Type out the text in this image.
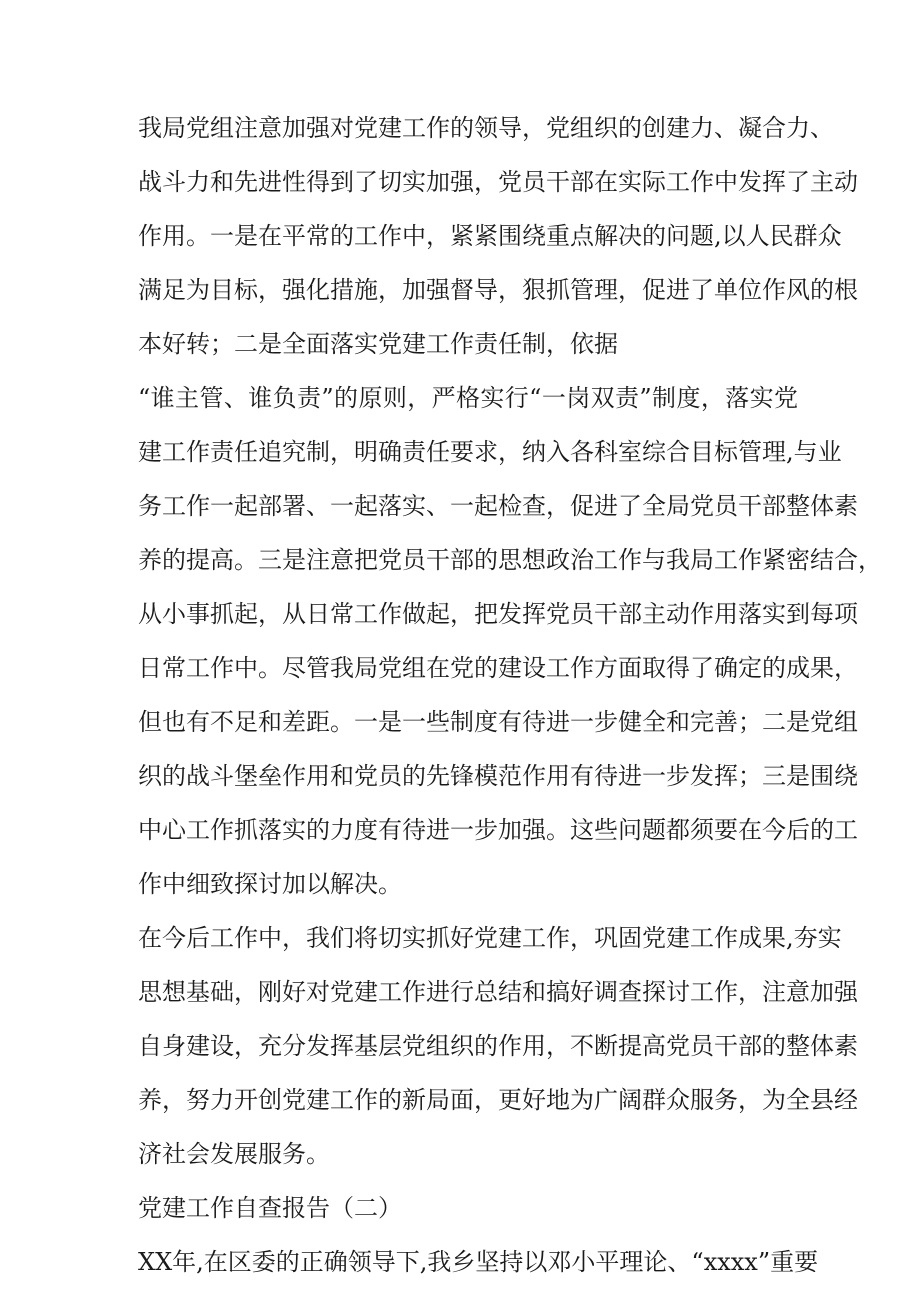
我局党组注意加强对党建工作的领导，党组织的创建力、凝合力、
战斗力和先进性得到了切实加强，党员干部在实际工作中发挥了主动
作用。一是在平常的工作中，紧紧围绕重点解决的问题,以人民群众
满足为目标，强化措施，加强督导，狠抓管理，促进了单位作风的根
本好转；二是全面落实党建工作责任制，依据
“谁主管、谁负责”的原则，严格实行“一岗双责”制度，落实党
建工作责任追究制，明确责任要求，纳入各科室综合目标管理,与业
务工作一起部署、一起落实、一起检查，促进了全局党员干部整体素
养的提高。三是注意把党员干部的思想政治工作与我局工作紧密结合，
从小事抓起，从日常工作做起，把发挥党员干部主动作用落实到每项
日常工作中。尽管我局党组在党的建设工作方面取得了确定的成果，
但也有不足和差距。一是一些制度有待进一步健全和完善；二是党组
织的战斗堡垒作用和党员的先锋模范作用有待进一步发挥；三是围绕
中心工作抓落实的力度有待进一步加强。这些问题都须要在今后的工
作中细致探讨加以解决。
在今后工作中，我们将切实抓好党建工作，巩固党建工作成果,夯实
思想基础，刚好对党建工作进行总结和搞好调查探讨工作，注意加强
自身建设，充分发挥基层党组织的作用，不断提高党员干部的整体素
养，努力开创党建工作的新局面，更好地为广阔群众服务，为全县经
济社会发展服务。
党建工作自查报告（二）
XX年,在区委的正确领导下,我乡坚持以邓小平理论、“xxxx”重要
